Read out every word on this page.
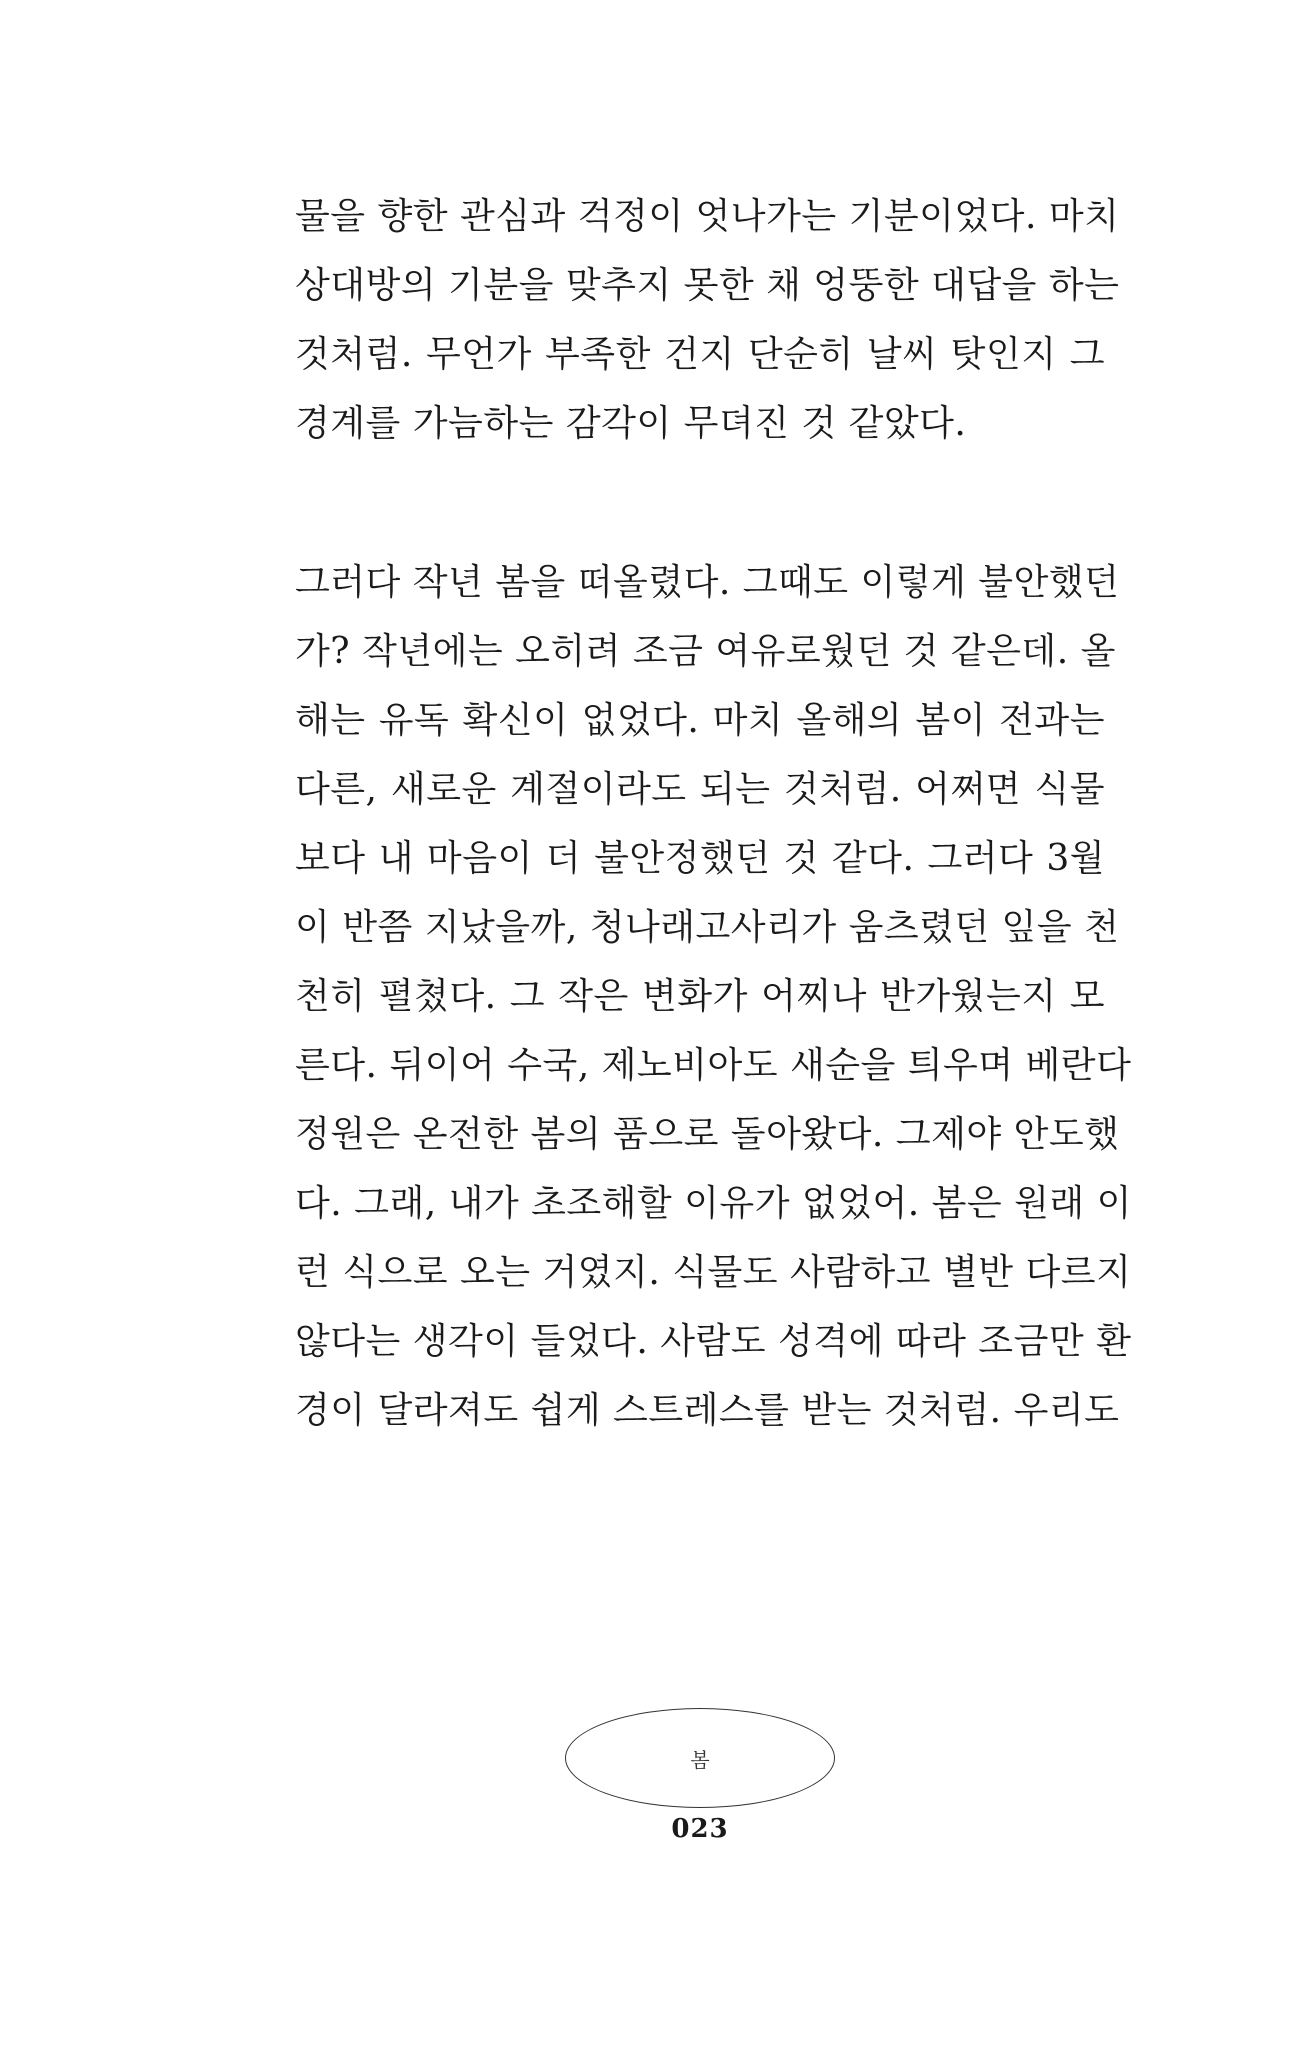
물을 향한 관심과 걱정이 엇나가는 기분이었다. 마치
상대방의 기분을 맞추지 못한 채 엉뚱한 대답을 하는
것처럼. 무언가 부족한 건지 단순히 날씨 탓인지 그
경계를 가늠하는 감각이 무뎌진 것 같았다.
그러다 작년 봄을 떠올렸다. 그때도 이렇게 불안했던
가? 작년에는 오히려 조금 여유로웠던 것 같은데. 올
해는 유독 확신이 없었다. 마치 올해의 봄이 전과는
다른, 새로운 계절이라도 되는 것처럼. 어쩌면 식물
보다 내 마음이 더 불안정했던 것 같다. 그러다 3월
이 반쯤 지났을까, 청나래고사리가 움츠렸던 잎을 천
천히 펼쳤다. 그 작은 변화가 어찌나 반가웠는지 모
른다. 뒤이어 수국, 제노비아도 새순을 틔우며 베란다
정원은 온전한 봄의 품으로 돌아왔다. 그제야 안도했
다. 그래, 내가 초조해할 이유가 없었어. 봄은 원래 이
런 식으로 오는 거였지. 식물도 사람하고 별반 다르지
않다는 생각이 들었다. 사람도 성격에 따라 조금만 환
경이 달라져도 쉽게 스트레스를 받는 것처럼. 우리도
봄
023
